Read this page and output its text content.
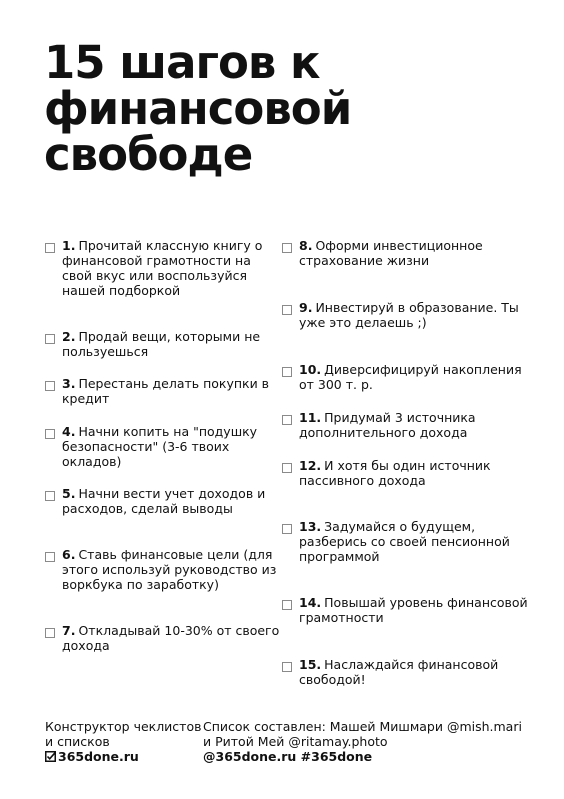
15 шагов к
финансовой
свободе
1. Прочитай классную книгу о финансовой грамотности на свой вкус или воспользуйся нашей подборкой
2. Продай вещи, которыми не пользуешься
3. Перестань делать покупки в кредит
4. Начни копить на "подушку безопасности" (3-6 твоих окладов)
5. Начни вести учет доходов и расходов, сделай выводы
6. Ставь финансовые цели (для этого используй руководство из воркбука по заработку)
7. Откладывай 10-30% от своего дохода
8. Оформи инвестиционное страхование жизни
9. Инвестируй в образование. Ты уже это делаешь ;)
10. Диверсифицируй накопления от 300 т. р.
11. Придумай 3 источника дополнительного дохода
12. И хотя бы один источник пассивного дохода
13. Задумайся о будущем, разберись со своей пенсионной программой
14. Повышай уровень финансовой грамотности
15. Наслаждайся финансовой свободой!
Конструктор чеклистов
и списков
365done.ru
Список составлен: Машей Мишмари @mish.mari
и Ритой Мей @ritamay.photo
@365done.ru #365done
